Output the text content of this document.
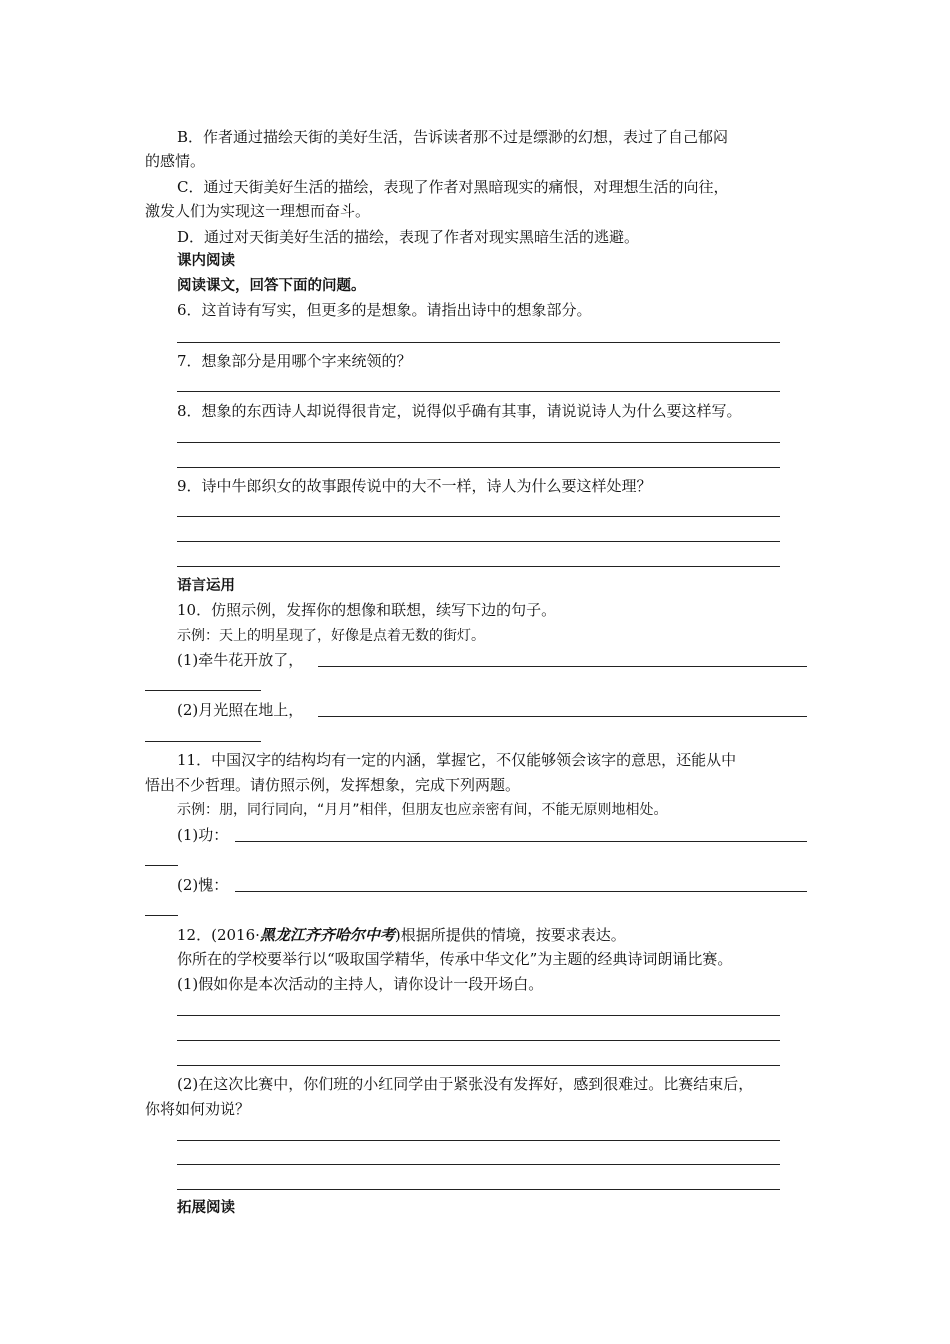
B．作者通过描绘天街的美好生活，告诉读者那不过是缥渺的幻想，表过了自己郁闷
的感情。
C．通过天街美好生活的描绘，表现了作者对黑暗现实的痛恨，对理想生活的向往，
激发人们为实现这一理想而奋斗。
D．通过对天街美好生活的描绘，表现了作者对现实黑暗生活的逃避。
课内阅读
阅读课文，回答下面的问题。
6．这首诗有写实，但更多的是想象。请指出诗中的想象部分。
7．想象部分是用哪个字来统领的？
8．想象的东西诗人却说得很肯定，说得似乎确有其事，请说说诗人为什么要这样写。
9．诗中牛郎织女的故事跟传说中的大不一样，诗人为什么要这样处理？
语言运用
10．仿照示例，发挥你的想像和联想，续写下边的句子。
示例：天上的明星现了，好像是点着无数的街灯。
(1)牵牛花开放了，
(2)月光照在地上，
11．中国汉字的结构均有一定的内涵，掌握它，不仅能够领会该字的意思，还能从中
悟出不少哲理。请仿照示例，发挥想象，完成下列两题。
示例：朋，同行同向，“月月”相伴，但朋友也应亲密有间，不能无原则地相处。
(1)功：
(2)愧：
12．(2016·黑龙江齐齐哈尔中考)根据所提供的情境，按要求表达。
你所在的学校要举行以“吸取国学精华，传承中华文化”为主题的经典诗词朗诵比赛。
(1)假如你是本次活动的主持人，请你设计一段开场白。
(2)在这次比赛中，你们班的小红同学由于紧张没有发挥好，感到很难过。比赛结束后，
你将如何劝说？
拓展阅读
